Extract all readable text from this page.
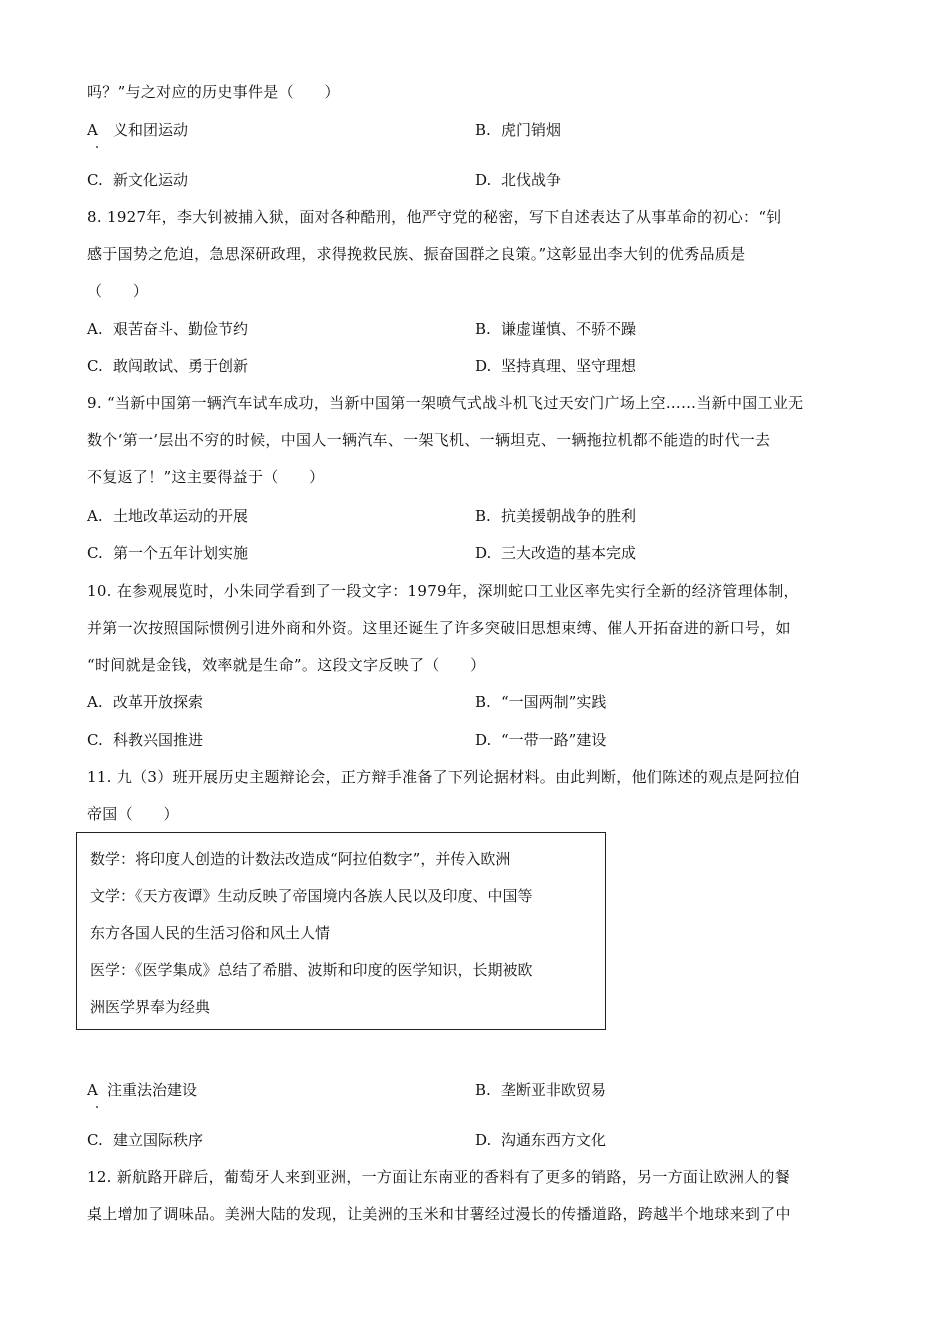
吗？”与之对应的历史事件是（　　）
A 义和团运动	B. 虎门销烟
C. 新文化运动	D. 北伐战争
8. 1927年，李大钊被捕入狱，面对各种酷刑，他严守党的秘密，写下自述表达了从事革命的初心：“钊
感于国势之危迫，急思深研政理，求得挽救民族、振奋国群之良策。”这彰显出李大钊的优秀品质是
（　　）
A. 艰苦奋斗、勤俭节约	B. 谦虚谨慎、不骄不躁
C. 敢闯敢试、勇于创新	D. 坚持真理、坚守理想
9. “当新中国第一辆汽车试车成功，当新中国第一架喷气式战斗机飞过天安门广场上空……当新中国工业无
数个‘第一’层出不穷的时候，中国人一辆汽车、一架飞机、一辆坦克、一辆拖拉机都不能造的时代一去
不复返了！”这主要得益于（　　）
A. 土地改革运动的开展	B. 抗美援朝战争的胜利
C. 第一个五年计划实施	D. 三大改造的基本完成
10. 在参观展览时，小朱同学看到了一段文字：1979年，深圳蛇口工业区率先实行全新的经济管理体制，
并第一次按照国际惯例引进外商和外资。这里还诞生了许多突破旧思想束缚、催人开拓奋进的新口号，如
“时间就是金钱，效率就是生命”。这段文字反映了（　　）
A. 改革开放探索	B. “一国两制”实践
C. 科教兴国推进	D. “一带一路”建设
11. 九（3）班开展历史主题辩论会，正方辩手准备了下列论据材料。由此判断，他们陈述的观点是阿拉伯
帝国（　　）
数学：将印度人创造的计数法改造成“阿拉伯数字”，并传入欧洲
文学：《天方夜谭》生动反映了帝国境内各族人民以及印度、中国等
东方各国人民的生活习俗和风土人情
医学：《医学集成》总结了希腊、波斯和印度的医学知识，长期被欧
洲医学界奉为经典
A 注重法治建设	B. 垄断亚非欧贸易
C. 建立国际秩序	D. 沟通东西方文化
12. 新航路开辟后，葡萄牙人来到亚洲，一方面让东南亚的香料有了更多的销路，另一方面让欧洲人的餐
桌上增加了调味品。美洲大陆的发现，让美洲的玉米和甘薯经过漫长的传播道路，跨越半个地球来到了中
